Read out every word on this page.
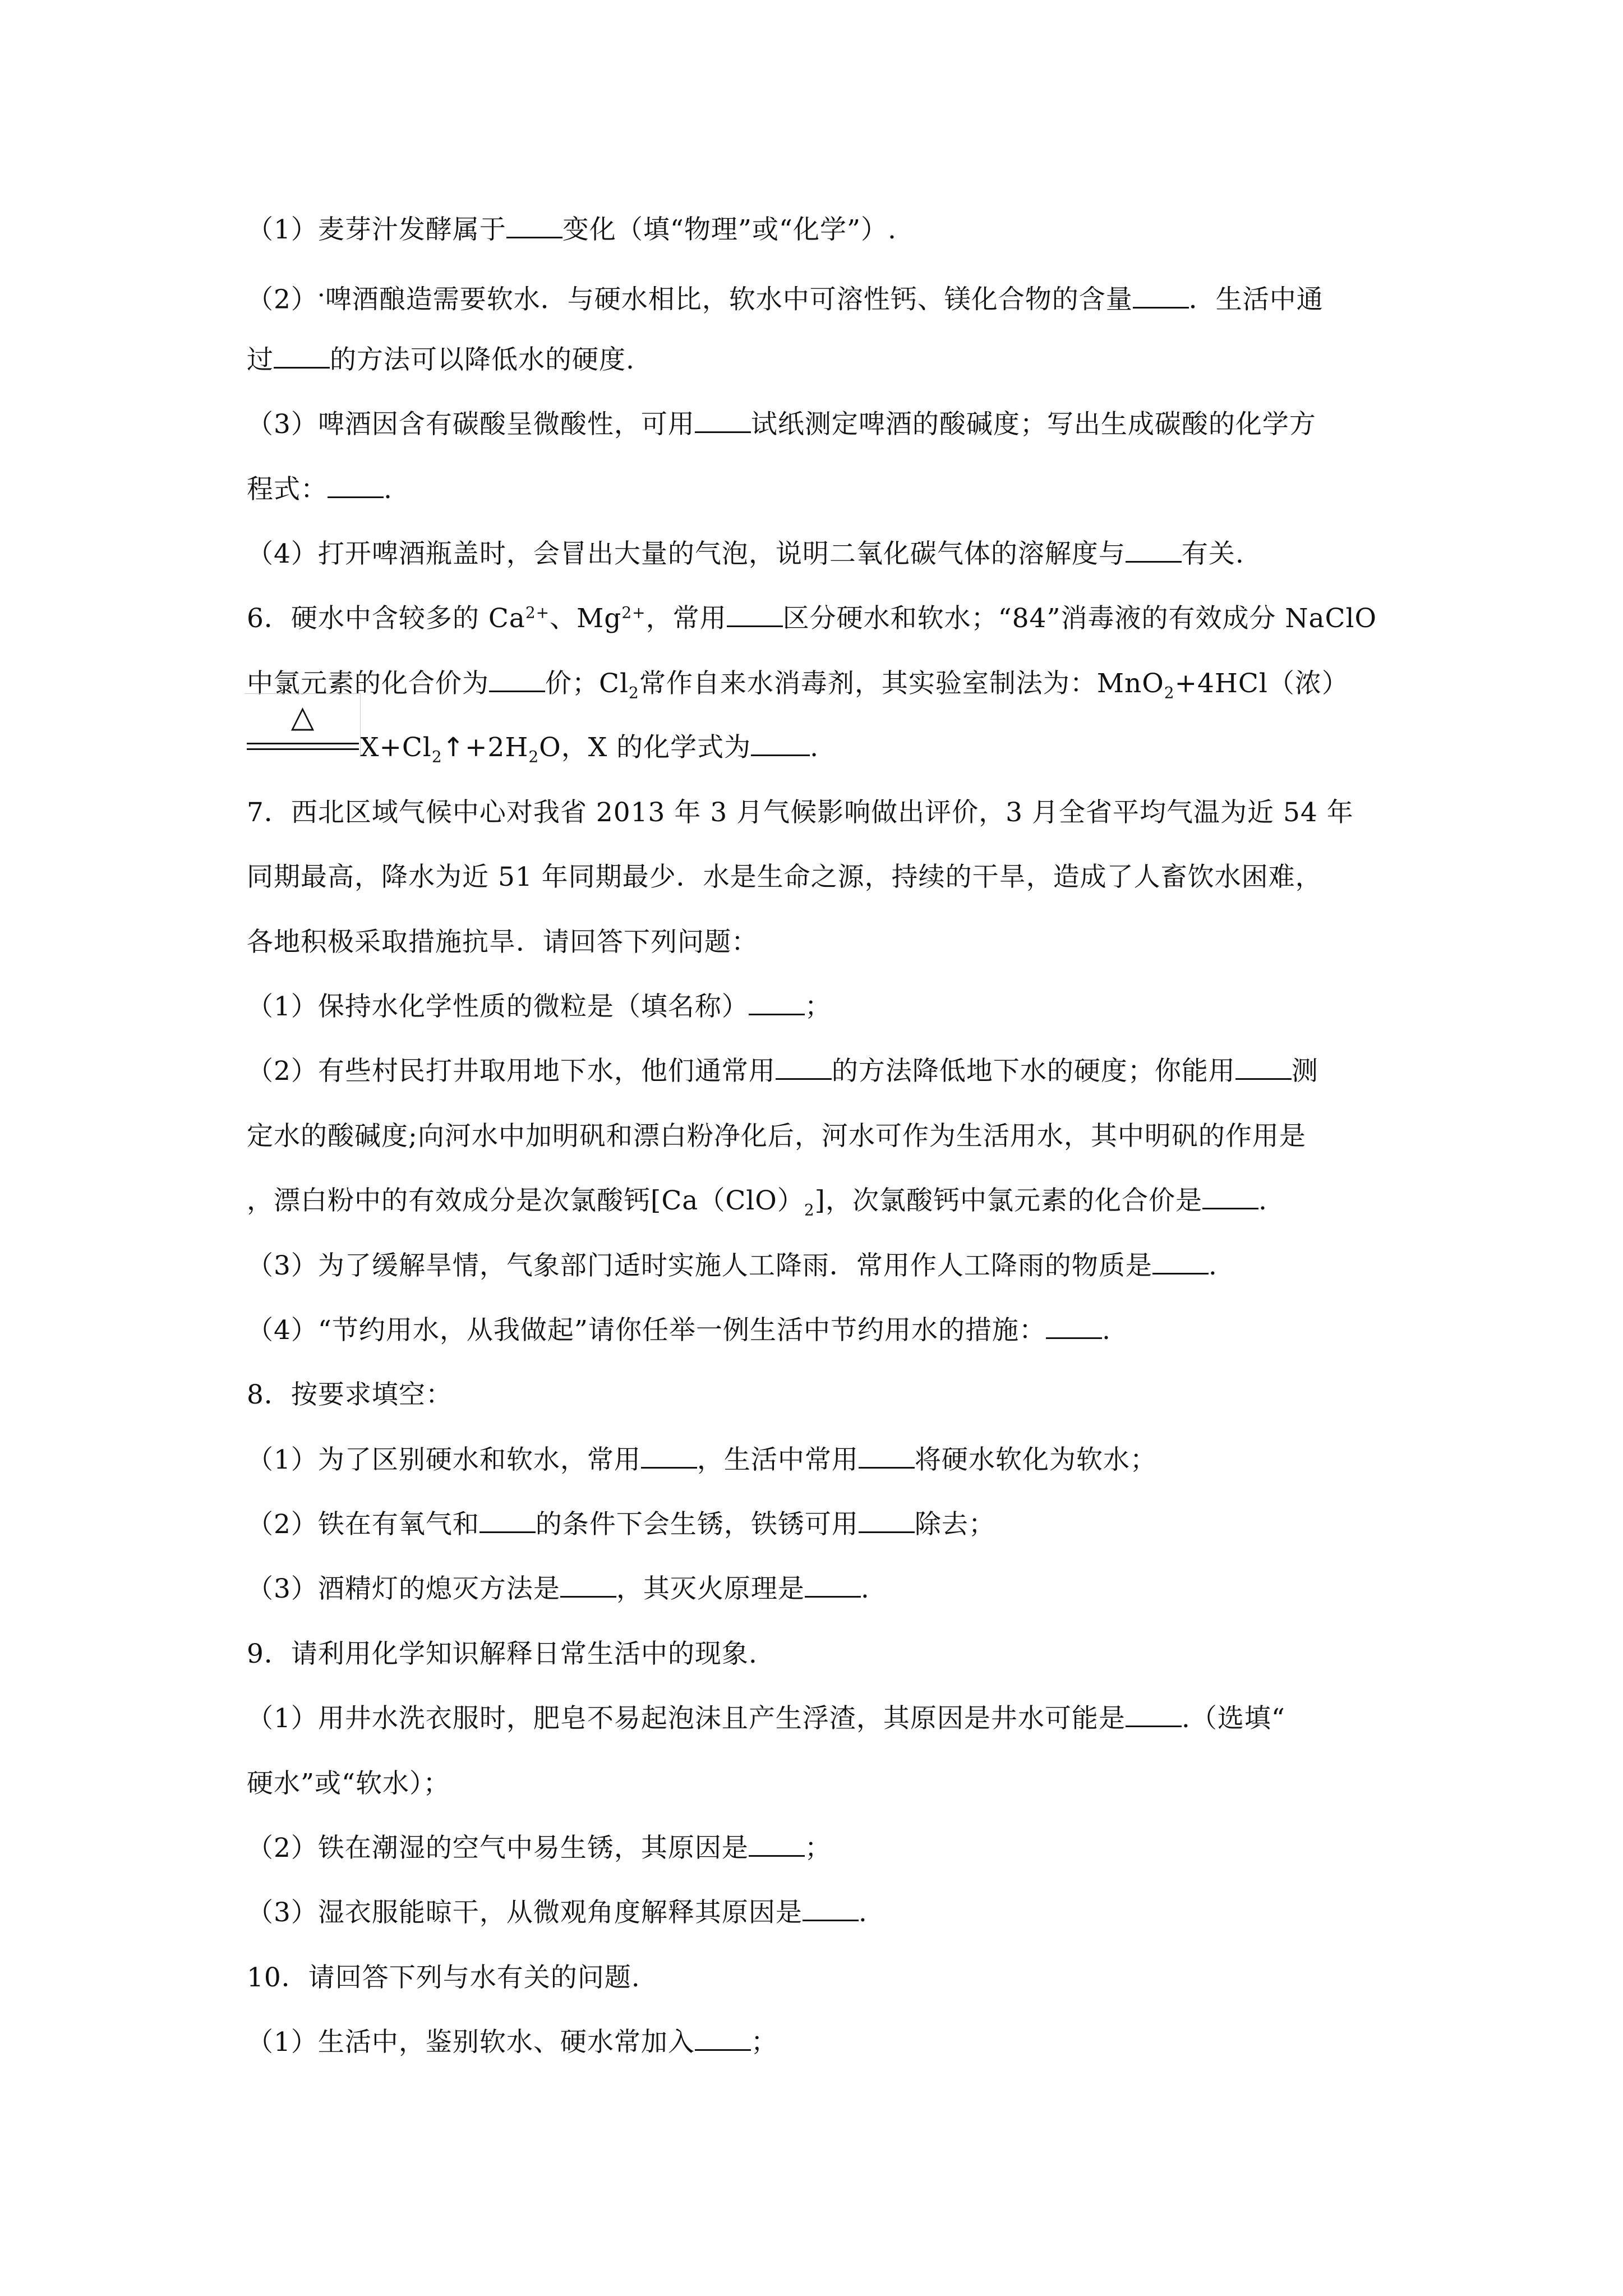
（1）麦芽汁发酵属于 变化（填“物理”或“化学”）.
（2）•啤酒酿造需要软水．与硬水相比，软水中可溶性钙、镁化合物的含量 ．生活中通
过 的方法可以降低水的硬度.
（3）啤酒因含有碳酸呈微酸性，可用 试纸测定啤酒的酸碱度；写出生成碳酸的化学方
程式： .
（4）打开啤酒瓶盖时，会冒出大量的气泡，说明二氧化碳气体的溶解度与 有关.
6．硬水中含较多的 $Ca^{2+}$、$Mg^{2+}$，常用 区分硬水和软水；“84”消毒液的有效成分 NaClO
中氯元素的化合价为 价；$Cl_2$常作自来水消毒剂，其实验室制法为：MnO$_2$+4HCl（浓）
△
$X+Cl_2↑+2H_2O$，X 的化学式为 .
7．西北区域气候中心对我省 2013 年 3 月气候影响做出评价，3 月全省平均气温为近 54 年
同期最高，降水为近 51 年同期最少．水是生命之源，持续的干旱，造成了人畜饮水困难，
各地积极采取措施抗旱．请回答下列问题：
（1）保持水化学性质的微粒是（填名称） ；
（2）有些村民打井取用地下水，他们通常用 的方法降低地下水的硬度；你能用 测
定水的酸碱度;向河水中加明矾和漂白粉净化后，河水可作为生活用水，其中明矾的作用是
，漂白粉中的有效成分是次氯酸钙$[Ca(ClO)_2]$，次氯酸钙中氯元素的化合价是 .
（3）为了缓解旱情，气象部门适时实施人工降雨．常用作人工降雨的物质是 .
（4）“节约用水，从我做起”请你任举一例生活中节约用水的措施： .
8．按要求填空：
（1）为了区别硬水和软水，常用 ，生活中常用 将硬水软化为软水；
（2）铁在有氧气和 的条件下会生锈，铁锈可用 除去；
（3）酒精灯的熄灭方法是 ，其灭火原理是 .
9．请利用化学知识解释日常生活中的现象.
（1）用井水洗衣服时，肥皂不易起泡沫且产生浮渣，其原因是井水可能是 .（选填“
硬水”或“软水）；
（2）铁在潮湿的空气中易生锈，其原因是 ；
（3）湿衣服能晾干，从微观角度解释其原因是 .
10．请回答下列与水有关的问题.
（1）生活中，鉴别软水、硬水常加入 ；
